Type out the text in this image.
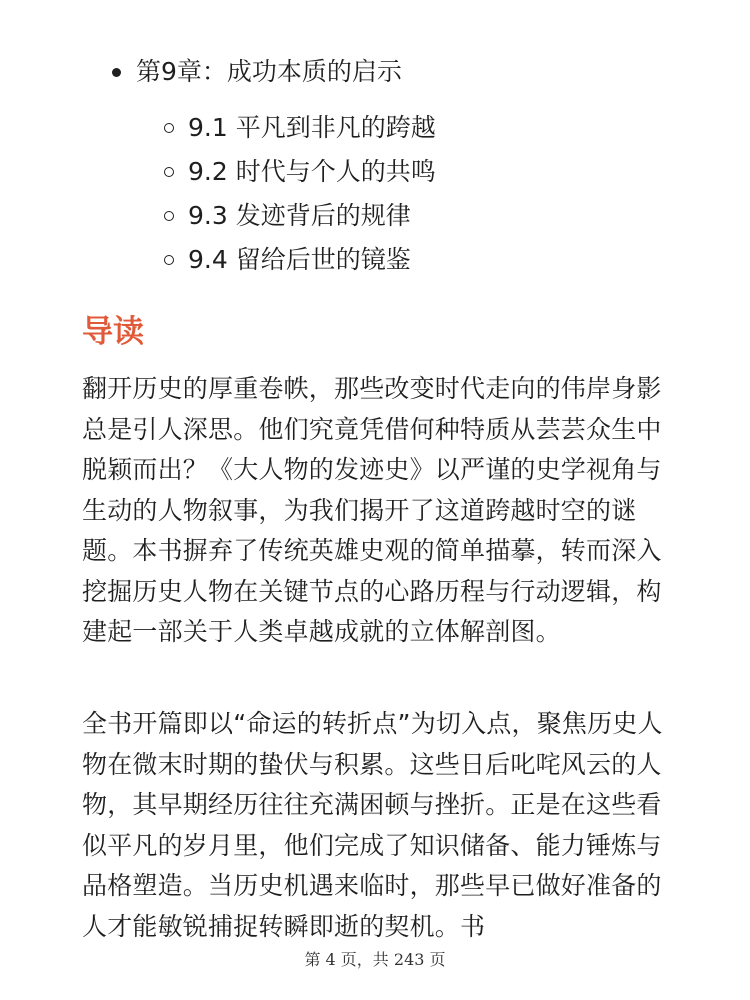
第9章：成功本质的启示
9.1 平凡到非凡的跨越
9.2 时代与个人的共鸣
9.3 发迹背后的规律
9.4 留给后世的镜鉴
导读

翻开历史的厚重卷帙，那些改变时代走向的伟岸身影总是引人深思。他们究竟凭借何种特质从芸芸众生中脱颖而出？《大人物的发迹史》以严谨的史学视角与生动的人物叙事，为我们揭开了这道跨越时空的谜题。本书摒弃了传统英雄史观的简单描摹，转而深入挖掘历史人物在关键节点的心路历程与行动逻辑，构建起一部关于人类卓越成就的立体解剖图。

全书开篇即以“命运的转折点”为切入点，聚焦历史人物在微末时期的蛰伏与积累。这些日后叱咤风云的人物，其早期经历往往充满困顿与挫折。正是在这些看似平凡的岁月里，他们完成了知识储备、能力锤炼与品格塑造。当历史机遇来临时，那些早已做好准备的人才能敏锐捕捉转瞬即逝的契机。书

第 4 页，共 243 页
